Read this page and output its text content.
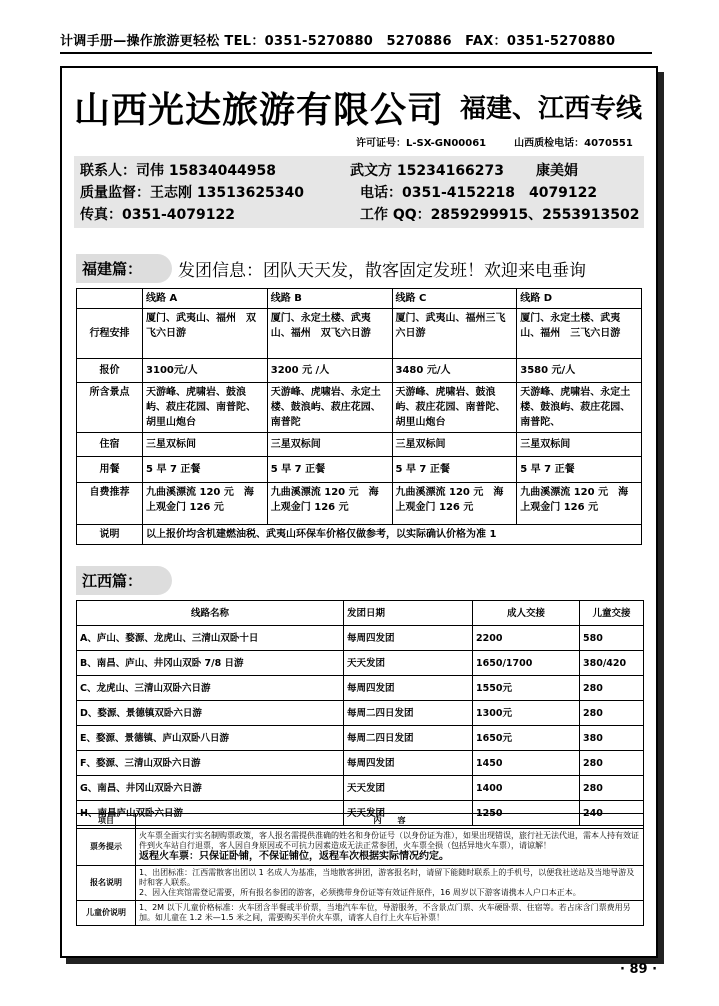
计调手册—操作旅游更轻松 TEL：0351-5270880　5270886　FAX：0351-5270880
山西光达旅游有限公司 福建、江西专线
许可证号：L-SX-GN00061	山西质检电话：4070551
联系人：司伟 15834044958	武文方 15234166273 康美娟
质量监督：王志刚 13513625340	电话：0351-4152218　4079122
传真：0351-4079122	工作 QQ：2859299915、2553913502
福建篇：	发团信息：团队天天发，散客固定发班！欢迎来电垂询
	线路 A	线路 B	线路 C	线路 D
行程安排	厦门、武夷山、福州　双飞六日游	厦门、永定土楼、武夷山、福州　双飞六日游	厦门、武夷山、福州三飞六日游	厦门、永定土楼、武夷山、福州　三飞六日游
报价	3100元/人	3200 元 /人	3480 元/人	3580 元/人
所含景点	天游峰、虎啸岩、鼓浪屿、菽庄花园、南普陀、胡里山炮台	天游峰、虎啸岩、永定土楼、鼓浪屿、菽庄花园、南普陀	天游峰、虎啸岩、鼓浪屿、菽庄花园、南普陀、胡里山炮台	天游峰、虎啸岩、永定土楼、鼓浪屿、菽庄花园、南普陀、
住宿	三星双标间	三星双标间	三星双标间	三星双标间
用餐	5 早 7 正餐	5 早 7 正餐	5 早 7 正餐	5 早 7 正餐
自费推荐	九曲溪漂流 120 元　海上观金门 126 元	九曲溪漂流 120 元　海上观金门 126 元	九曲溪漂流 120 元　海上观金门 126 元	九曲溪漂流 120 元　海上观金门 126 元
说明	以上报价均含机建燃油税、武夷山环保车价格仅做参考，以实际确认价格为准 1			
江西篇：
线路名称	发团日期	成人交接	儿童交接
A、庐山、婺源、龙虎山、三清山双卧十日	每周四发团	2200	580
B、南昌、庐山、井冈山双卧 7/8 日游	天天发团	1650/1700	380/420
C、龙虎山、三清山双卧六日游	每周四发团	1550元	280
D、婺源、景德镇双卧六日游	每周二四日发团	1300元	280
E、婺源、景德镇、庐山双卧八日游	每周二四日发团	1650元	380
F、婺源、三清山双卧六日游	每周四发团	1450	280
G、南昌、井冈山双卧六日游	天天发团	1400	280
H、南昌庐山双卧六日游	天天发团	1250	240
项目	内　　容
票务提示	火车票全面实行实名制购票政策，客人报名需提供准确的姓名和身份证号（以身份证为准），如果出现错误，旅行社无法代退，需本人持有效证件到火车站自行退票，客人因自身原因或不可抗力因素造成无法正常参团，火车票全损（包括异地火车票），请谅解！
返程火车票：只保证卧铺，不保证铺位，返程车次根据实际情况约定。

报名说明	1、出团标准：江西需散客出团以 1 名成人为基准，当地散客拼团，游客报名时，请留下能随时联系上的手机号，以便我社送站及当地导游及时和客人联系。
2、因入住宾馆需登记需要，所有报名参团的游客，必须携带身份证等有效证件原件，16 周岁以下游客请携本人户口本正本。

儿童价说明	1、2M 以下儿童价格标准：火车团含半餐或半价票，当地汽车车位，导游服务，不含景点门票、火车硬卧票、住宿等。若占床含门票费用另加。如儿童在 1.2 米—1.5 米之间，需要购买半价火车票，请客人自行上火车后补票！
· 89 ·
